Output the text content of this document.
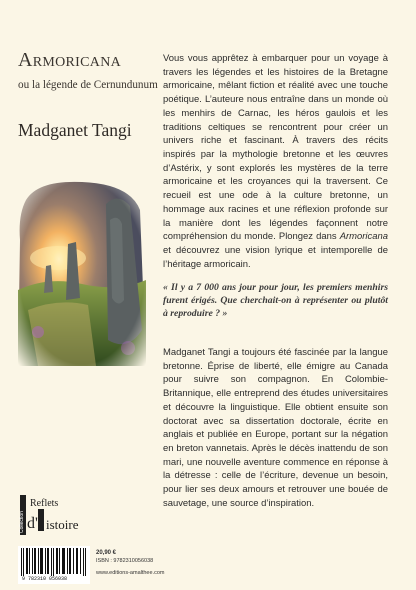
Armoricana
ou la légende de Cernundunum
Madganet Tangi
Collection
Reflets
d' istoire
9 782310 056038
20,90 €
ISBN : 9782310056038
www.editions-amalthee.com

Vous vous apprêtez à embarquer pour un voyage à travers les légendes et les histoires de la Bretagne armoricaine, mêlant fiction et réalité avec une touche poétique. L’auteure nous entraîne dans un monde où les menhirs de Carnac, les héros gaulois et les traditions celtiques se rencontrent pour créer un univers riche et fascinant. À travers des récits inspirés par la mythologie bretonne et les œuvres d’Astérix, y sont explorés les mystères de la terre armoricaine et les croyances qui la traversent. Ce recueil est une ode à la culture bretonne, un hommage aux racines et une réflexion profonde sur la manière dont les légendes façonnent notre compréhension du monde. Plongez dans Armoricana et découvrez une vision lyrique et intemporelle de l’héritage armoricain.

« Il y a 7 000 ans jour pour jour, les premiers menhirs furent érigés. Que cherchait-on à représenter ou plutôt à reproduire ? »

Madganet Tangi a toujours été fascinée par la langue bretonne. Éprise de liberté, elle émigre au Canada pour suivre son compagnon. En Colombie-Britannique, elle entreprend des études universitaires et découvre la linguistique. Elle obtient ensuite son doctorat avec sa dissertation doctorale, écrite en anglais et publiée en Europe, portant sur la négation en breton vannetais. Après le décès inattendu de son mari, une nouvelle aventure commence en réponse à la détresse : celle de l’écriture, devenue un besoin, pour lier ses deux amours et retrouver une bouée de sauvetage, une source d’inspiration.
